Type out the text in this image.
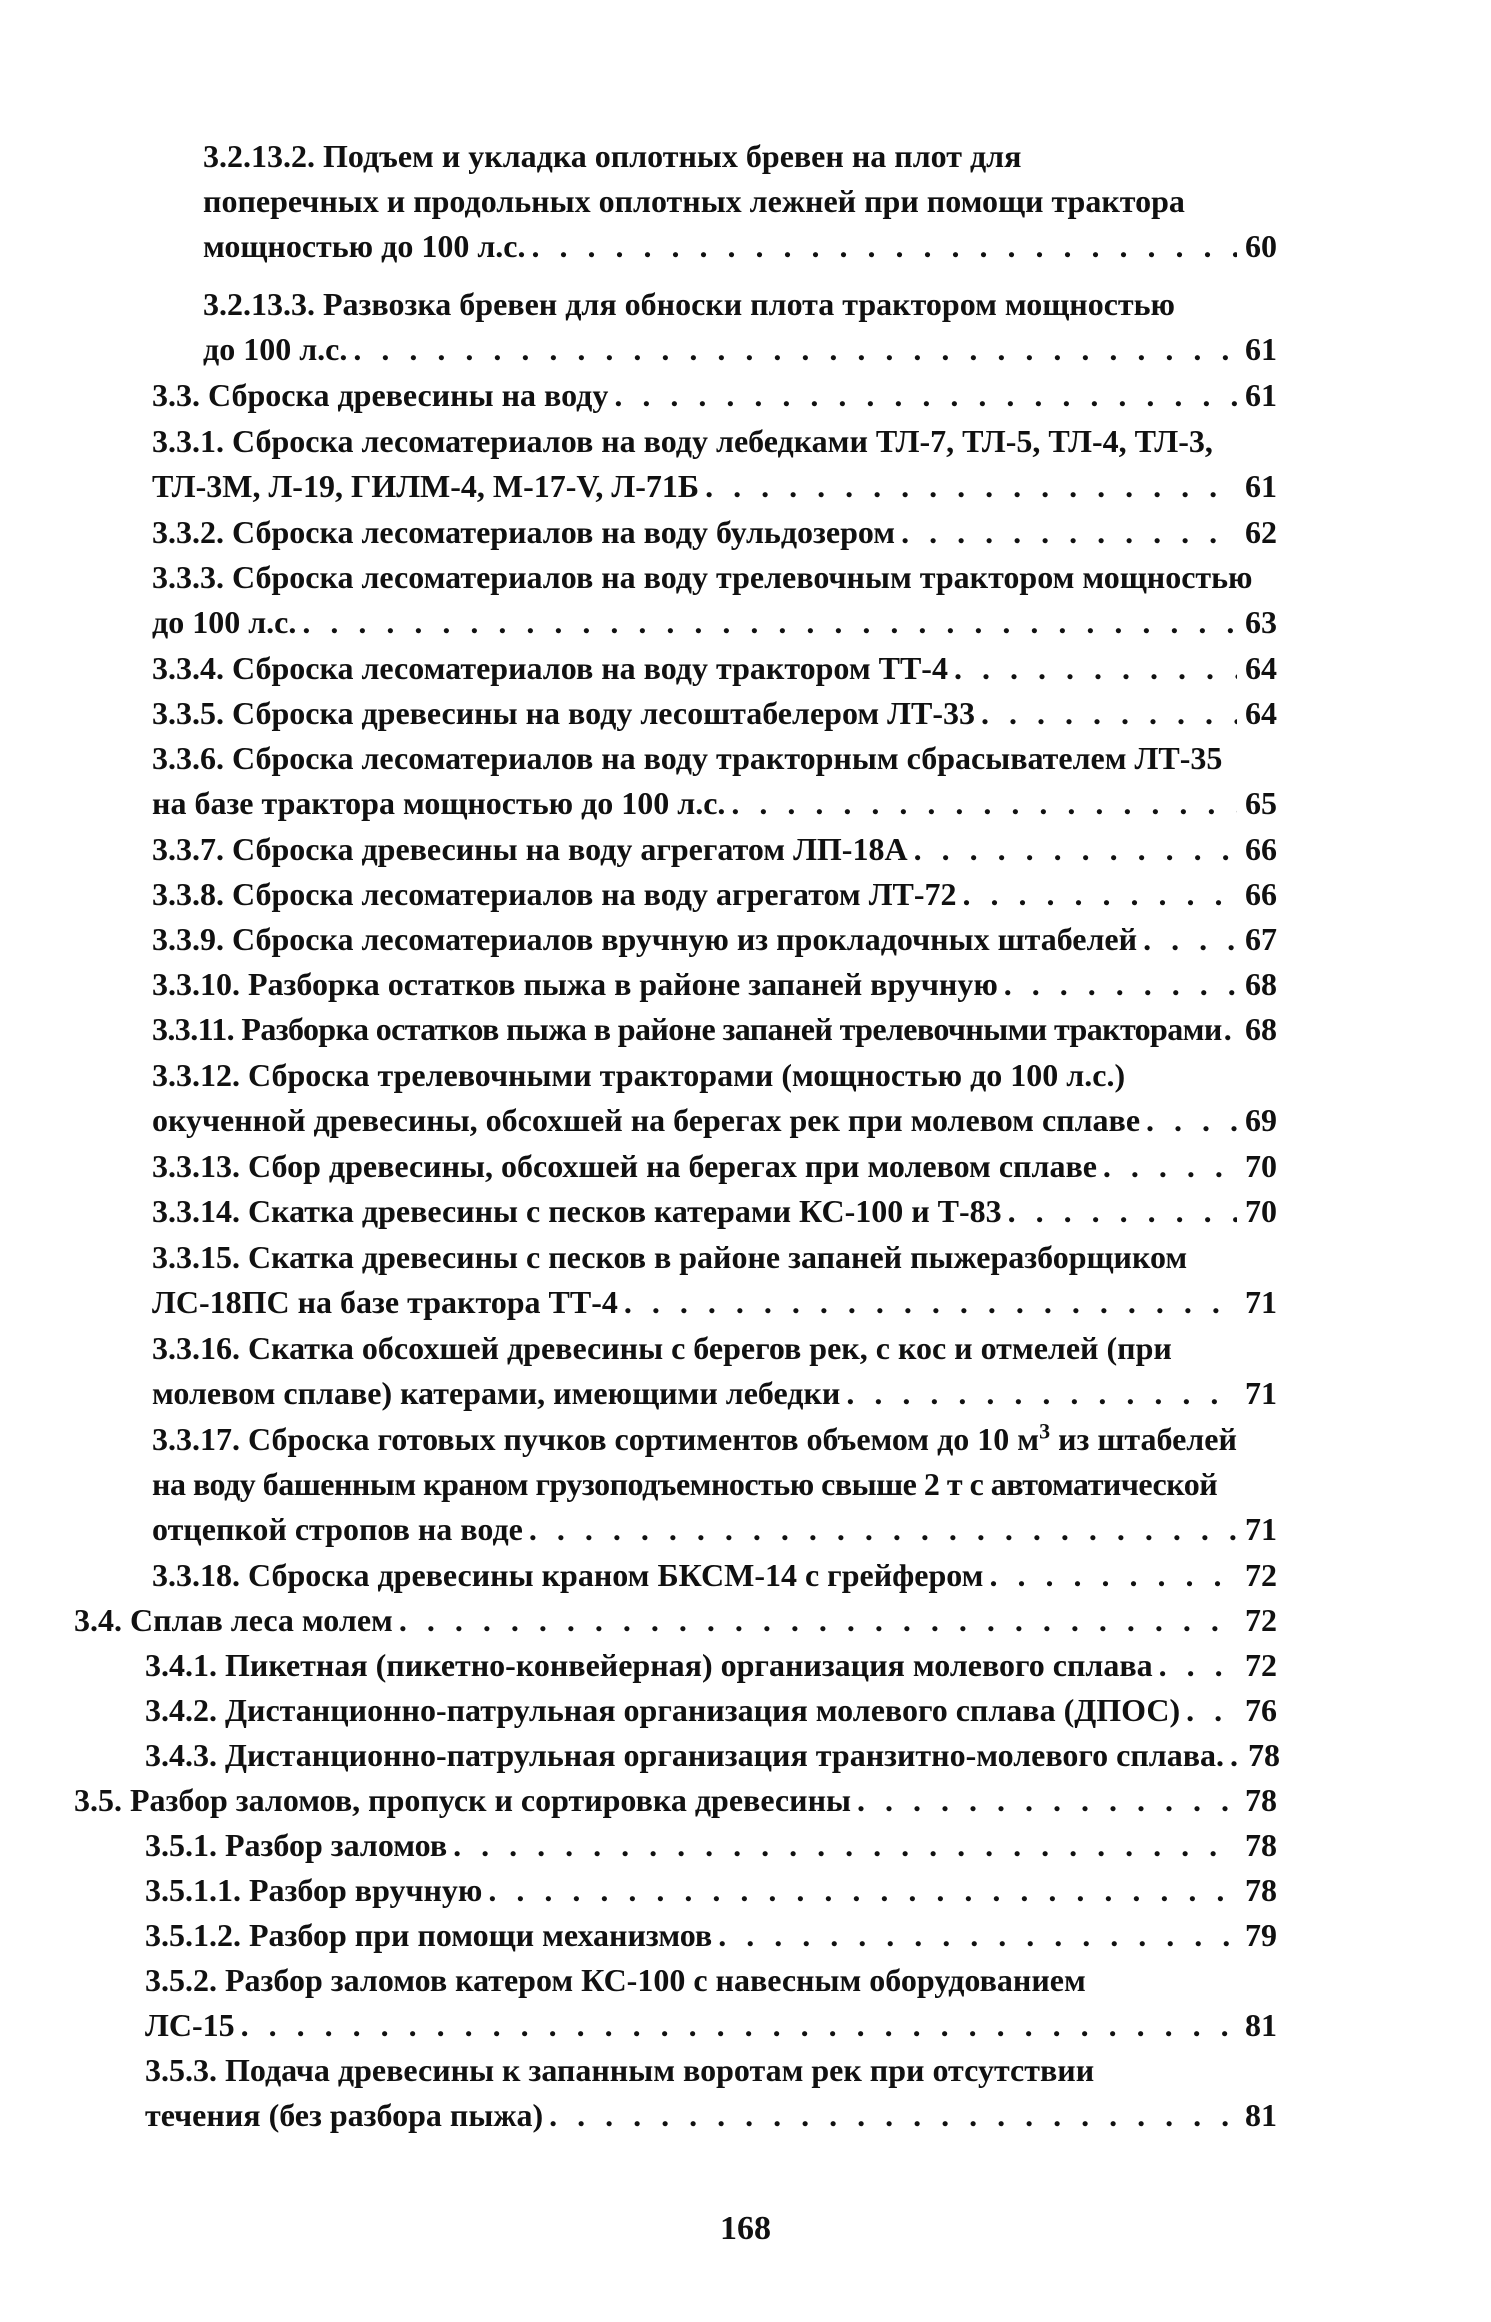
3.2.13.2. Подъем и укладка оплотных бревен на плот для
поперечных и продольных оплотных лежней при помощи трактора
мощностью до 100 л.с. . . .	60
3.2.13.3. Развозка бревен для обноски плота трактором мощностью
до 100 л.с. . . .	61
3.3. Сброска древесины на воду . . .	61
3.3.1. Сброска лесоматериалов на воду лебедками ТЛ-7, ТЛ-5, ТЛ-4, ТЛ-3,
ТЛ-3М, Л-19, ГИЛМ-4, М-17-V, Л-71Б . . .	61
3.3.2. Сброска лесоматериалов на воду бульдозером . . .	62
3.3.3. Сброска лесоматериалов на воду трелевочным трактором мощностью
до 100 л.с. . . .	63
3.3.4. Сброска лесоматериалов на воду трактором ТТ-4 . . .	64
3.3.5. Сброска древесины на воду лесоштабелером ЛТ-33 . . .	64
3.3.6. Сброска лесоматериалов на воду тракторным сбрасывателем ЛТ-35
на базе трактора мощностью до 100 л.с. . . .	65
3.3.7. Сброска древесины на воду агрегатом ЛП-18А . . .	66
3.3.8. Сброска лесоматериалов на воду агрегатом ЛТ-72 . . .	66
3.3.9. Сброска лесоматериалов вручную из прокладочных штабелей . . .	67
3.3.10. Разборка остатков пыжа в районе запаней вручную . . .	68
3.3.11. Разборка остатков пыжа в районе запаней трелевочными тракторами . . . 68
3.3.12. Сброска трелевочными тракторами (мощностью до 100 л.с.)
окученной древесины, обсохшей на берегах рек при молевом сплаве . . .	69
3.3.13. Сбор древесины, обсохшей на берегах при молевом сплаве . . .	70
3.3.14. Скатка древесины с песков катерами КС-100 и Т-83 . . .	70
3.3.15. Скатка древесины с песков в районе запаней пыжеразборщиком
ЛС-18ПС на базе трактора ТТ-4 . . .	71
3.3.16. Скатка обсохшей древесины с берегов рек, с кос и отмелей (при
молевом сплаве) катерами, имеющими лебедки . . .	71
3.3.17. Сброска готовых пучков сортиментов объемом до 10 $м^3$ из штабелей
на воду башенным краном грузоподъемностью свыше 2 т с автоматической
отцепкой стропов на воде . . .	71
3.3.18. Сброска древесины краном БКСМ-14 с грейфером . . .	72
3.4. Сплав леса молем . . .	72
3.4.1. Пикетная (пикетно-конвейерная) организация молевого сплава . . .	72
3.4.2. Дистанционно-патрульная организация молевого сплава (ДПОС) . . . 76
3.4.3. Дистанционно-патрульная организация транзитно-молевого сплава. . . . 78
3.5. Разбор заломов, пропуск и сортировка древесины . . .	78
3.5.1. Разбор заломов . . .	78
3.5.1.1. Разбор вручную . . .	78
3.5.1.2. Разбор при помощи механизмов . . .	79
3.5.2. Разбор заломов катером КС-100 с навесным оборудованием
ЛС-15 . . .	81
3.5.3. Подача древесины к запанным воротам рек при отсутствии
течения (без разбора пыжа) . . .	81
168
